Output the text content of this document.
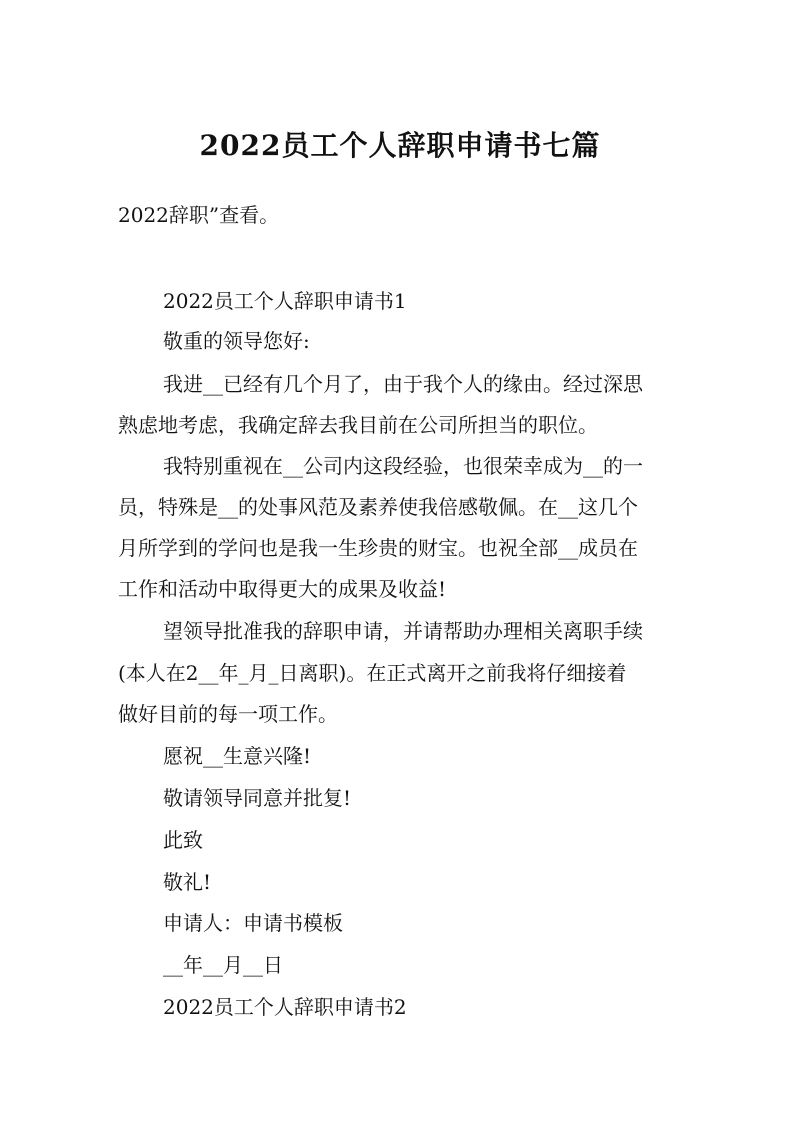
2022员工个人辞职申请书七篇
2022辞职”查看。
2022员工个人辞职申请书1
敬重的领导您好:
我进__已经有几个月了，由于我个人的缘由。经过深思
熟虑地考虑，我确定辞去我目前在公司所担当的职位。
我特别重视在__公司内这段经验，也很荣幸成为__的一
员，特殊是__的处事风范及素养使我倍感敬佩。在__这几个
月所学到的学问也是我一生珍贵的财宝。也祝全部__成员在
工作和活动中取得更大的成果及收益!
望领导批准我的辞职申请，并请帮助办理相关离职手续
(本人在2__年_月_日离职)。在正式离开之前我将仔细接着
做好目前的每一项工作。
愿祝__生意兴隆!
敬请领导同意并批复!
此致
敬礼!
申请人：申请书模板
__年__月__日
2022员工个人辞职申请书2
